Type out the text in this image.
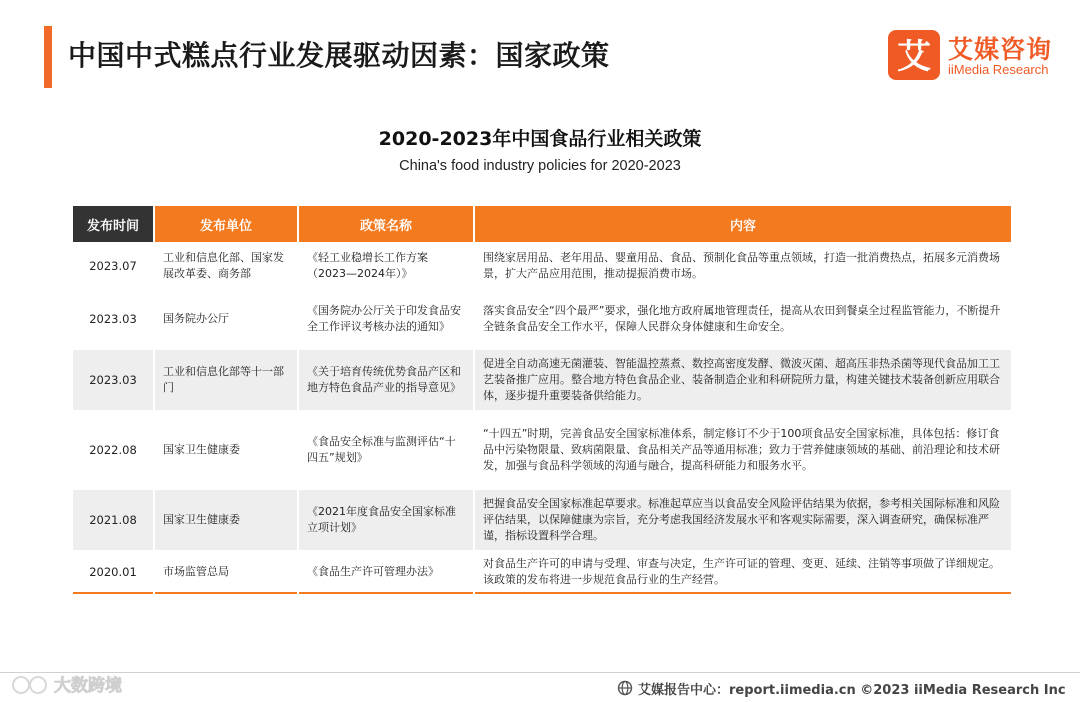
中国中式糕点行业发展驱动因素：国家政策	艾 艾媒咨询
iiMedia Research
2020-2023年中国食品行业相关政策
China's food industry policies for 2020-2023
发布时间	发布单位	政策名称	内容
2023.07	工业和信息化部、国家发展改革委、商务部	《轻工业稳增长工作方案（2023—2024年）》	围绕家居用品、老年用品、婴童用品、食品、预制化食品等重点领域，打造一批消费热点，拓展多元消费场景，扩大产品应用范围，推动提振消费市场。
2023.03	国务院办公厅	《国务院办公厅关于印发食品安全工作评议考核办法的通知》	落实食品安全“四个最严”要求，强化地方政府属地管理责任，提高从农田到餐桌全过程监管能力，不断提升全链条食品安全工作水平，保障人民群众身体健康和生命安全。
2023.03	工业和信息化部等十一部门	《关于培育传统优势食品产区和地方特色食品产业的指导意见》	促进全自动高速无菌灌装、智能温控蒸煮、数控高密度发酵、微波灭菌、超高压非热杀菌等现代食品加工工艺装备推广应用。整合地方特色食品企业、装备制造企业和科研院所力量，构建关键技术装备创新应用联合体，逐步提升重要装备供给能力。
2022.08	国家卫生健康委	《食品安全标准与监测评估“十四五”规划》	“十四五”时期，完善食品安全国家标准体系，制定修订不少于100项食品安全国家标准，具体包括：修订食品中污染物限量、致病菌限量、食品相关产品等通用标准；致力于营养健康领域的基础、前沿理论和技术研发，加强与食品科学领域的沟通与融合，提高科研能力和服务水平。
2021.08	国家卫生健康委	《2021年度食品安全国家标准立项计划》	把握食品安全国家标准起草要求。标准起草应当以食品安全风险评估结果为依据，参考相关国际标准和风险评估结果，以保障健康为宗旨，充分考虑我国经济发展水平和客观实际需要，深入调查研究，确保标准严谨，指标设置科学合理。
2020.01	市场监管总局	《食品生产许可管理办法》	对食品生产许可的申请与受理、审查与决定，生产许可证的管理、变更、延续、注销等事项做了详细规定。该政策的发布将进一步规范食品行业的生产经营。
大数跨境	艾媒报告中心：report.iimedia.cn ©2023 iiMedia Research Inc
